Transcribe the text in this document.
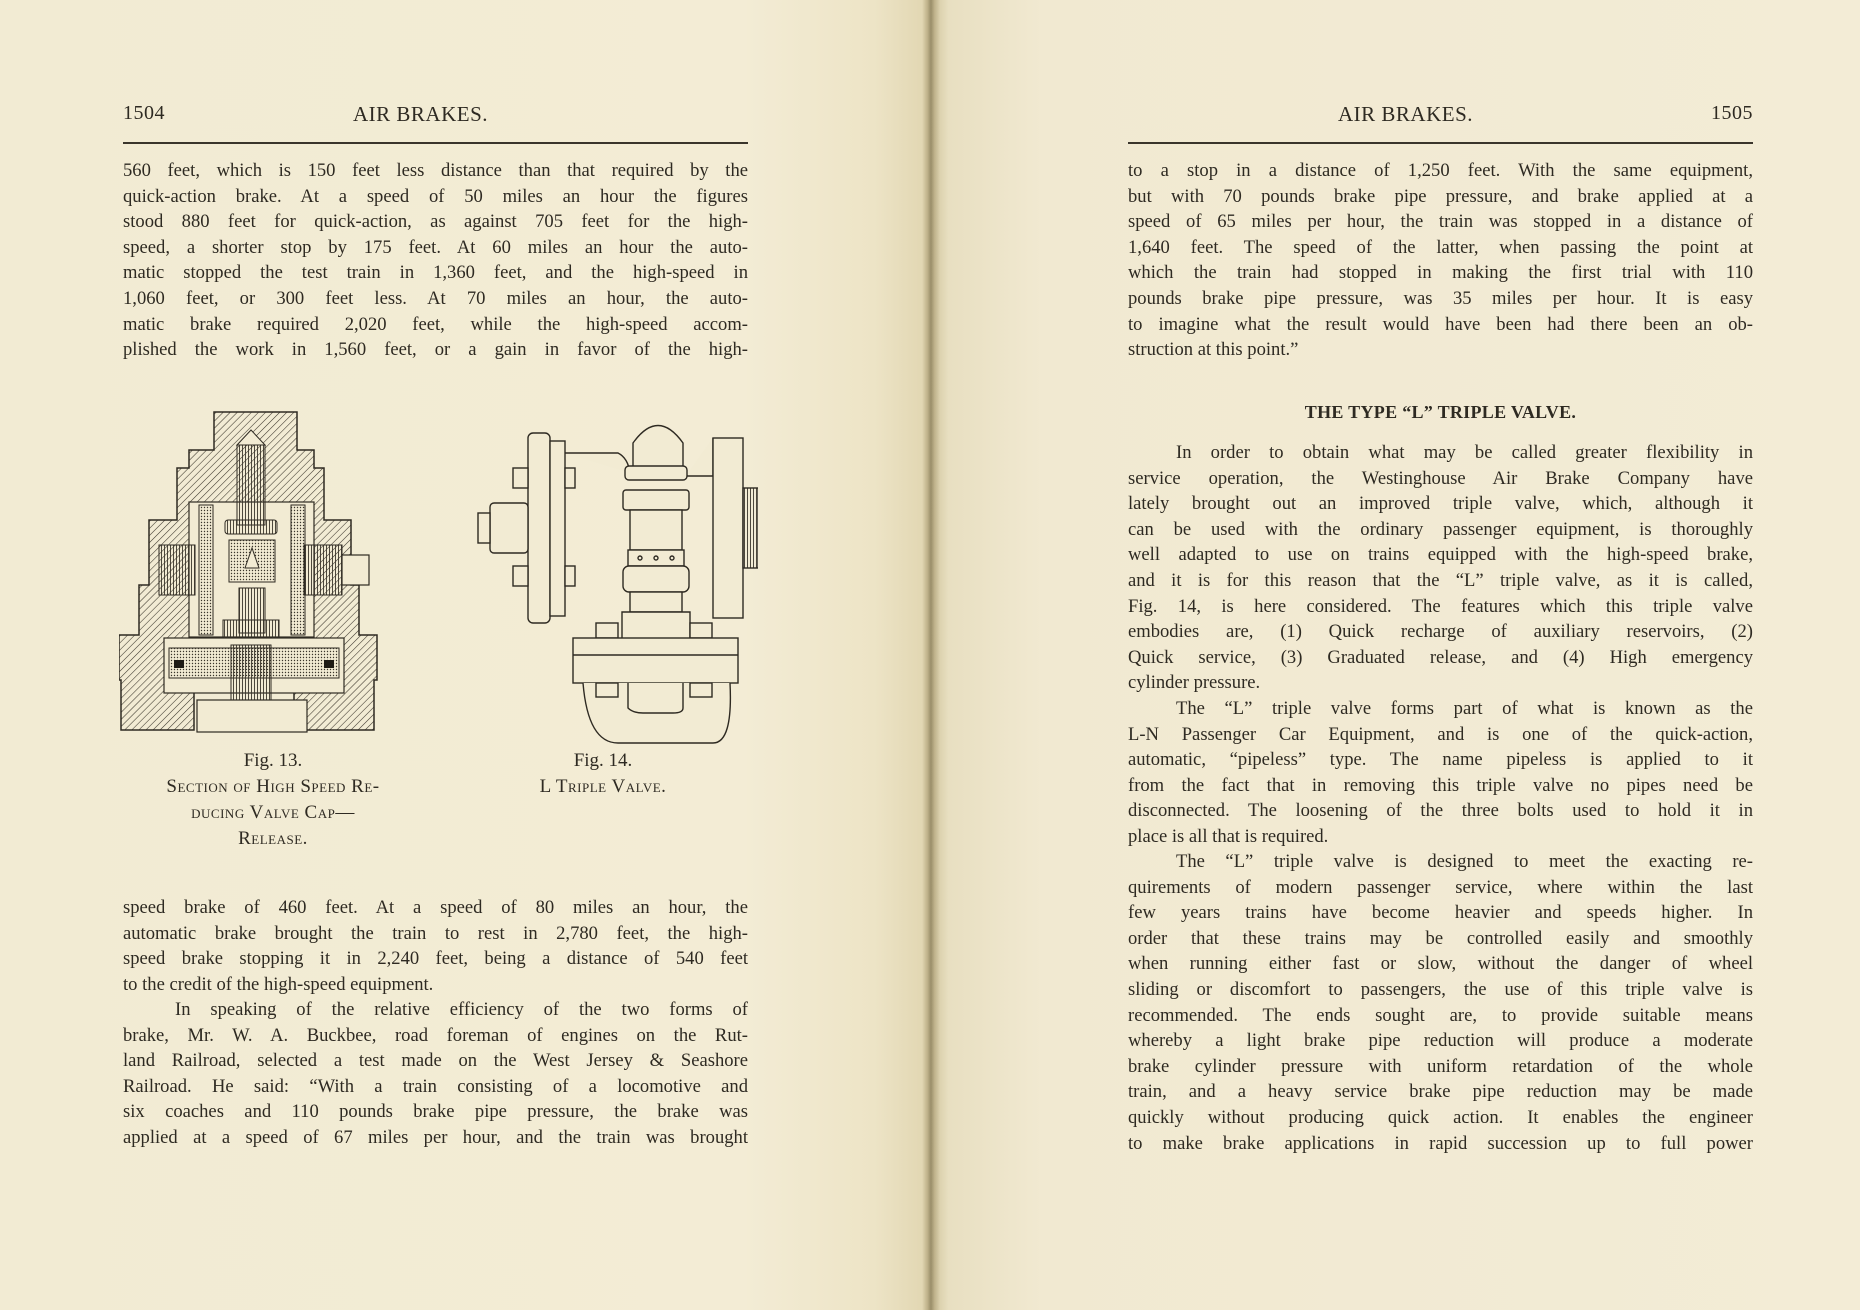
1504	AIR BRAKES.
560 feet, which is 150 feet less distance than that required by the
quick-action brake. At a speed of 50 miles an hour the figures
stood 880 feet for quick-action, as against 705 feet for the high-
speed, a shorter stop by 175 feet. At 60 miles an hour the auto-
matic stopped the test train in 1,360 feet, and the high-speed in
1,060 feet, or 300 feet less. At 70 miles an hour, the auto-
matic brake required 2,020 feet, while the high-speed accom-
plished the work in 1,560 feet, or a gain in favor of the high-
Fig. 13.
Section of High Speed Re-
ducing Valve Cap—
Release.
Fig. 14.
L Triple Valve.
speed brake of 460 feet. At a speed of 80 miles an hour, the
automatic brake brought the train to rest in 2,780 feet, the high-
speed brake stopping it in 2,240 feet, being a distance of 540 feet
to the credit of the high-speed equipment.
In speaking of the relative efficiency of the two forms of
brake, Mr. W. A. Buckbee, road foreman of engines on the Rut-
land Railroad, selected a test made on the West Jersey & Seashore
Railroad. He said: “With a train consisting of a locomotive and
six coaches and 110 pounds brake pipe pressure, the brake was
applied at a speed of 67 miles per hour, and the train was brought
AIR BRAKES.	1505
to a stop in a distance of 1,250 feet. With the same equipment,
but with 70 pounds brake pipe pressure, and brake applied at a
speed of 65 miles per hour, the train was stopped in a distance of
1,640 feet. The speed of the latter, when passing the point at
which the train had stopped in making the first trial with 110
pounds brake pipe pressure, was 35 miles per hour. It is easy
to imagine what the result would have been had there been an ob-
struction at this point.”
THE TYPE “L” TRIPLE VALVE.
In order to obtain what may be called greater flexibility in
service operation, the Westinghouse Air Brake Company have
lately brought out an improved triple valve, which, although it
can be used with the ordinary passenger equipment, is thoroughly
well adapted to use on trains equipped with the high-speed brake,
and it is for this reason that the “L” triple valve, as it is called,
Fig. 14, is here considered. The features which this triple valve
embodies are, (1) Quick recharge of auxiliary reservoirs, (2)
Quick service, (3) Graduated release, and (4) High emergency
cylinder pressure.
The “L” triple valve forms part of what is known as the
L-N Passenger Car Equipment, and is one of the quick-action,
automatic, “pipeless” type. The name pipeless is applied to it
from the fact that in removing this triple valve no pipes need be
disconnected. The loosening of the three bolts used to hold it in
place is all that is required.
The “L” triple valve is designed to meet the exacting re-
quirements of modern passenger service, where within the last
few years trains have become heavier and speeds higher. In
order that these trains may be controlled easily and smoothly
when running either fast or slow, without the danger of wheel
sliding or discomfort to passengers, the use of this triple valve is
recommended. The ends sought are, to provide suitable means
whereby a light brake pipe reduction will produce a moderate
brake cylinder pressure with uniform retardation of the whole
train, and a heavy service brake pipe reduction may be made
quickly without producing quick action. It enables the engineer
to make brake applications in rapid succession up to full power
